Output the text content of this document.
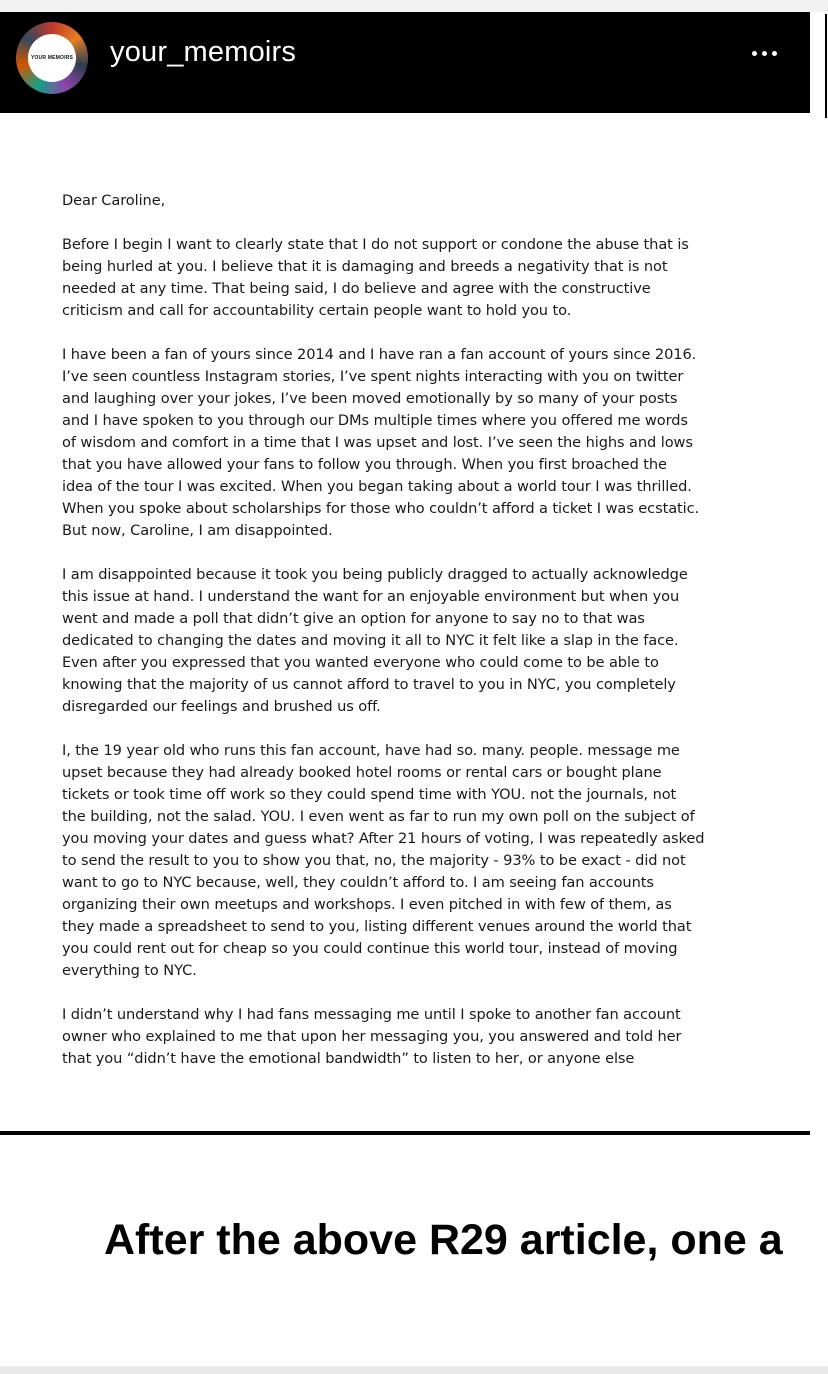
YOUR MEMOIRS your_memoirs
Dear Caroline,

Before I begin I want to clearly state that I do not support or condone the abuse that is
being hurled at you. I believe that it is damaging and breeds a negativity that is not
needed at any time. That being said, I do believe and agree with the constructive
criticism and call for accountability certain people want to hold you to.

I have been a fan of yours since 2014 and I have ran a fan account of yours since 2016.
I’ve seen countless Instagram stories, I’ve spent nights interacting with you on twitter
and laughing over your jokes, I’ve been moved emotionally by so many of your posts
and I have spoken to you through our DMs multiple times where you offered me words
of wisdom and comfort in a time that I was upset and lost. I’ve seen the highs and lows
that you have allowed your fans to follow you through. When you first broached the
idea of the tour I was excited. When you began taking about a world tour I was thrilled.
When you spoke about scholarships for those who couldn’t afford a ticket I was ecstatic.
But now, Caroline, I am disappointed.

I am disappointed because it took you being publicly dragged to actually acknowledge
this issue at hand. I understand the want for an enjoyable environment but when you
went and made a poll that didn’t give an option for anyone to say no to that was
dedicated to changing the dates and moving it all to NYC it felt like a slap in the face.
Even after you expressed that you wanted everyone who could come to be able to
knowing that the majority of us cannot afford to travel to you in NYC, you completely
disregarded our feelings and brushed us off.

I, the 19 year old who runs this fan account, have had so. many. people. message me
upset because they had already booked hotel rooms or rental cars or bought plane
tickets or took time off work so they could spend time with YOU. not the journals, not
the building, not the salad. YOU. I even went as far to run my own poll on the subject of
you moving your dates and guess what? After 21 hours of voting, I was repeatedly asked
to send the result to you to show you that, no, the majority - 93% to be exact - did not
want to go to NYC because, well, they couldn’t afford to. I am seeing fan accounts
organizing their own meetups and workshops. I even pitched in with few of them, as
they made a spreadsheet to send to you, listing different venues around the world that
you could rent out for cheap so you could continue this world tour, instead of moving
everything to NYC.

I didn’t understand why I had fans messaging me until I spoke to another fan account
owner who explained to me that upon her messaging you, you answered and told her
that you “didn’t have the emotional bandwidth” to listen to her, or anyone else

After the above R29 article, one a
